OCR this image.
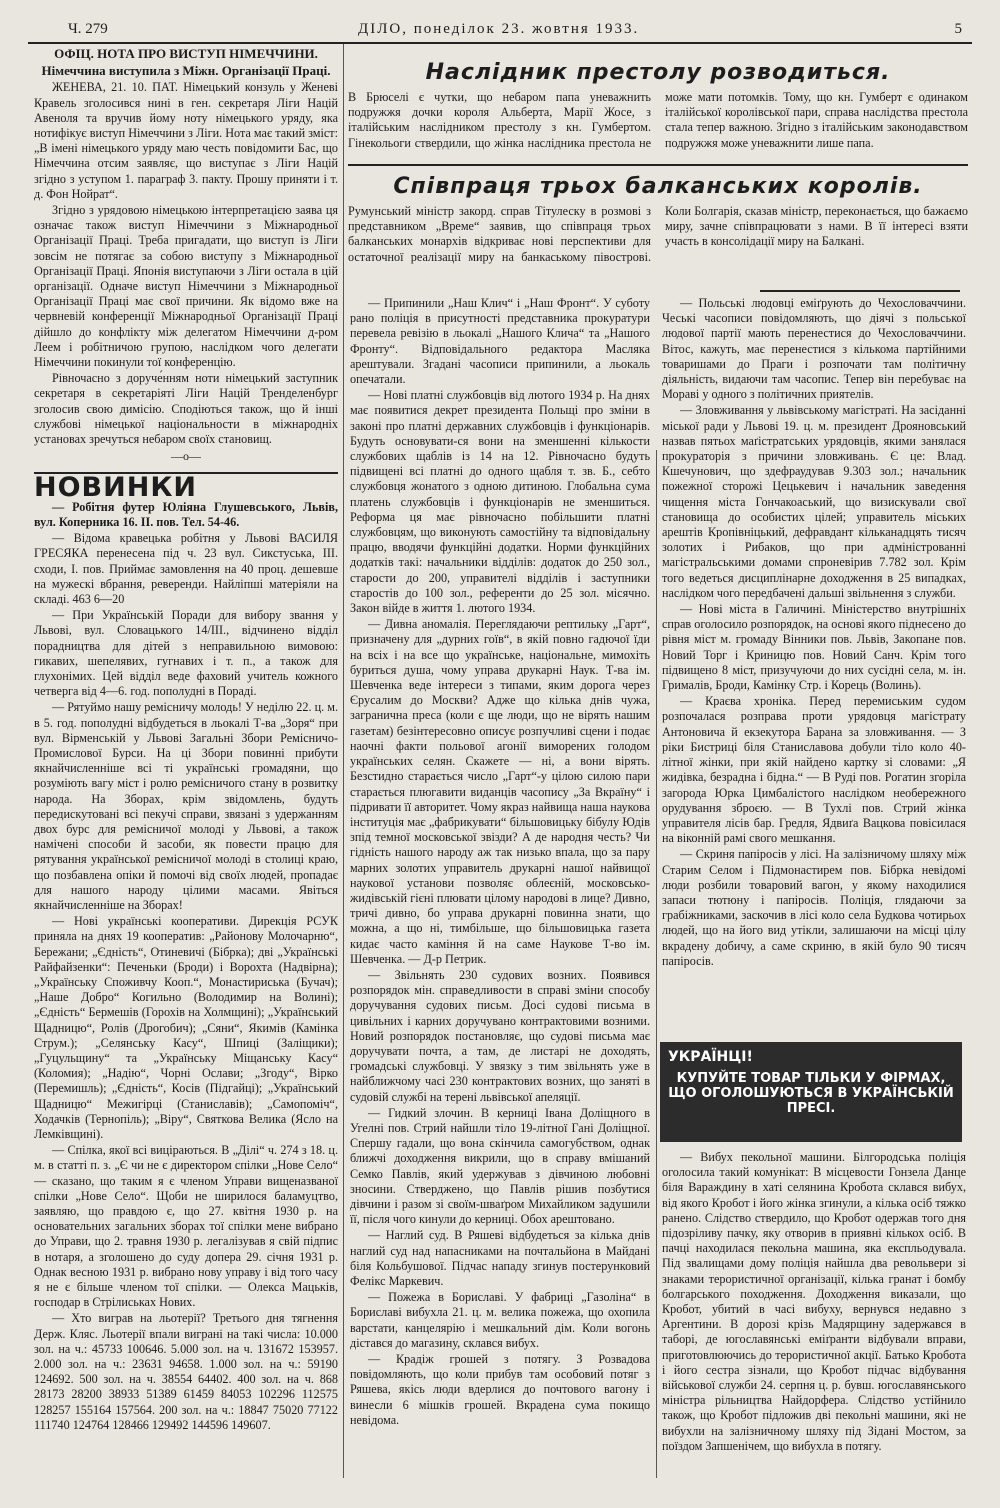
Ч. 279	ДІЛО, понеділок 23. жовтня 1933.	5
ОФІЦ. НОТА ПРО ВИСТУП НІМЕЧЧИНИ.
Німеччина виступила з Міжн. Організації Праці.

ЖЕНЕВА, 21. 10. ПАТ. Німецький конзуль у Женеві Кравель зголосився нині в ген. секретаря Ліги Націй Авеноля та вручив йому ноту німецького уряду, яка нотифікує виступ Німеччини з Ліги. Нота має такий зміст: „В імені німецького уряду маю честь повідомити Бас, що Німеччина отсим заявляє, що виступає з Ліги Націй згідно з уступом 1. параграф 3. пакту. Прошу приняти і т. д. Фон Нойрат“.

Згідно з урядовою німецькою інтерпретацією заява ця означає також виступ Німеччини з Міжнародньої Організації Праці. Треба пригадати, що виступ із Ліги зовсім не потягає за собою виступу з Міжнародньої Організації Праці. Японія виступаючи з Ліги остала в цій організації. Одначе виступ Німеччини з Міжнародньої Організації Праці має свої причини. Як відомо вже на червневій конференції Міжнародньої Організації Праці дійшло до конфлікту між делегатом Німеччини д-ром Леем і робітничою групою, наслідком чого делегати Німеччини покинули тої конференцію.

Рівночасно з доруче́нням ноти німецький заступник секретаря в секретаріяті Ліги Націй Тренделенбург зголосив свою димісію. Сподіються також, що й інші службові німецької національности в міжнародніх установах зречуться небаром своїх становищ.

—o—
НОВИНКИ

— Робітня футер Юліяна Глушевського, Львів, вул. Коперника 16. II. пов. Тел. 54-46.

— Відома кравецька робітня у Львові ВАСИЛЯ ГРЕСЯКА перенесена під ч. 23 вул. Сикстуська, III. сходи, I. пов. Приймає замовлення на 40 проц. дешевше на мужескі вбрання, реверенди. Найліпші матеріяли на складі. 463 6—20

— При Українській Поради для вибору звання у Львові, вул. Словацького 14/III., відчинено відділ порадництва для дітей з неправильною вимовою: гикавих, шепелявих, гугнавих і т. п., а також для глухонімих. Цей відділ веде фаховий учитель кожного четверга від 4—6. год. пополудні в Пораді.

— Рятуймо нашу ремісничу молодь! У неділю 22. ц. м. в 5. год. пополудні відбудеться в льокалі Т-ва „Зоря“ при вул. Вірменській у Львові Загальні Збори Ремісничо-Промислової Бурси. На ці Збори повинні прибути якнайчисленніше всі ті українські громадяни, що розуміють вагу міст і ролю ремісничого стану в розвитку народа. На Зборах, крім звідомлень, будуть передискутовані всі пекучі справи, звязані з удержанням двох бурс для ремісничої молоді у Львові, а також намічені способи й засоби, як повести працю для рятування української ремісничої молоді в столиці краю, що позбавлена опіки й помочі від своїх людей, пропадає для нашого народу цілими масами. Явіться якнайчисленніше на Зборах!

— Нові українські кооперативи. Дирекція РСУК приняла на днях 19 кооператив: „Районову Молочарню“, Бережани; „Єдність“, Отиневичі (Бібрка); дві „Українські Райфайзенки“: Печеньки (Броди) і Ворохта (Надвірна); „Українську Споживчу Кооп.“, Монастириська (Бучач); „Наше Добро“ Когильно (Володимир на Волині); „Єдність“ Бермешів (Горохів на Холмщині); „Український Щадницю“, Ролів (Дрогобич); „Сяни“, Якимів (Камінка Струм.); „Селянську Касу“, Шпиці (Заліщики); „Гуцульщину“ та „Українську Міщанську Касу“ (Коломия); „Надію“, Чорні Ослави; „Згоду“, Вірко (Перемишль); „Єдність“, Косів (Підгайці); „Український Щадницю“ Межигірці (Станиславів); „Самопоміч“, Ходачків (Тернопіль); „Віру“, Святкова Велика (Ясло на Лемківщині).

— Спілка, якої всі виціраються. В „Ділі“ ч. 274 з 18. ц. м. в статті п. з. „Є чи не є директором спілки „Нове Село“ — сказано, що таким я є членом Управи вищеназваної спілки „Нове Село“. Щоби не ширилося баламуцтво, заявляю, що правдою є, що 27. квітня 1930 р. на основательних загальних зборах тої спілки мене вибрано до Управи, що 2. травня 1930 р. легалізував я свій підпис в нотаря, а зголошено до суду допера 29. січня 1931 р. Однак весною 1931 р. вибрано нову управу і від того часу я не є більше членом тої спілки. — Олекса Мацьків, господар в Стрілиськах Нових.

— Хто виграв на льотерії? Третього дня тягнення Держ. Кляс. Льотерії впали виграні на такі числа: 10.000 зол. на ч.: 45733 100646. 5.000 зол. на ч. 131672 153957. 2.000 зол. на ч.: 23631 94658. 1.000 зол. на ч.: 59190 124692. 500 зол. на ч. 38554 64402. 400 зол. на ч. 868 28173 28200 38933 51389 61459 84053 102296 112575 128257 155164 157564. 200 зол. на ч.: 18847 75020 77122 111740 124764 128466 129492 144596 149607.

Наслідник престолу розводиться.
В Брюселі є чутки, що небаром папа уневажнить подружжя дочки короля Альберта, Марії Жосе, з італійським наслідником престолу з кн. Гумбертом. Гінекольоги ствердили, що жінка наслідника престола не може мати потомків. Тому, що кн. Гумберт є одинаком італійської королівської пари, справа наслідства престола стала тепер важною. Згідно з італійським законодавством подружжя може уневажнити лише папа.
Співпраця трьох балканських королів.
Румунський міністр закорд. справ Тітулеску в розмові з представником „Време“ заявив, що співпраця трьох балканських монархів відкриває нові перспективи для остаточної реалізації миру на банкаському півострові. Коли Болгарія, сказав міністр, переконається, що бажаємо миру, зачне співпрацювати з нами. В її інтересі взяти участь в консолідації миру на Балкані.

— Припинили „Наш Клич“ і „Наш Фронт“. У суботу рано поліція в присутності представника прокуратури перевела ревізію в льокалі „Нашого Клича“ та „Нашого Фронту“. Відповідального редактора Масляка арештували. Згадані часописи припинили, а льокаль опечатали.

— Нові платні службовців від лютого 1934 р. На днях має появитися декрет президента Польщі про зміни в законі про платні державних службовців і функціонарів. Будуть основувати-ся вони на зменшенні кількости службових щаблів із 14 на 12. Рівночасно будуть підвищені всі платні до одного щабля т. зв. Б., себто службовця жонатого з одною дитиною. Глобальна сума платень службовців і функціонарів не зменшиться. Реформа ця має рівночасно побільшити платні службовцям, що виконують самостійну та відповідальну працю, вводячи функційні додатки. Норми функційних додатків такі: начальники відділів: додаток до 250 зол., старости до 200, управителі відділів і заступники старостів до 100 зол., референти до 25 зол. місячно. Закон війде в життя 1. лютого 1934.

— Дивна аномалія. Переглядаючи рептильку „Гарт“, призначену для „дурних гоїв“, в якій повно гадючої їди на всіх і на все що українське, національне, мимохіть буриться душа, чому управа друкарні Наук. Т-ва ім. Шевченка веде інтереси з типами, яким дорога через Єрусалим до Москви? Адже що кілька днів чужа, загранична преса (коли є ще люди, що не вірять нашим газетам) безінтересовно описує розпучливі сцени і подає наочні факти польової агонії виморених голодом українських селян. Скажете — ні, а вони вірять. Безстидно старається число „Гарт“-у цілою силою пари старається плюгавити виданців часопису „За Вкраїну“ і підривати її авторитет. Чому якраз найвища наша наукова інституція має „фабрикувати“ більшовицьку бібулу Юдів зпід темної московської звізди? А де народня честь? Чи гідність нашого народу аж так низько впала, що за пару марних золотих управитель друкарні нашої найвищої наукової установи позволяє облеєній, московсько-жидівській гієні плювати цілому народові в лице? Дивно, тричі дивно, бо управа друкарні повинна знати, що можна, а що ні, тимбільше, що більшовицька газета кидає часто каміння й на саме Наукове Т-во ім. Шевченка. — Д-р Петрик.

— Звільнять 230 судових возних. Появився розпорядок мін. справедливости в справі зміни способу доручування судових письм. Досі судові письма в цивільних і карних доручувано контрактовими возними. Новий розпорядок постановляє, що судові письма має доручувати почта, а там, де листарі не доходять, громадські службовці. У звязку з тим звільнять уже в найближчому часі 230 контрактових возних, що заняті в судовій службі на терені львівської апеляції.

— Гидкий злочин. В керниці Івана Доліщного в Угелні пов. Стрий найшли тіло 19-літної Гані Доліщної. Спершу гадали, що вона скінчила самогубством, однак ближчі доходження викрили, що в справу вмішаний Семко Павлів, який удержував з дівчиною любовні зносини. Стверджено, що Павлів рішив позбутися дівчини і разом зі своїм-шваґром Михайликом задушили її, після чого кинули до керниці. Обох арештовано.

— Наглий суд. В Ряшеві відбудеться за кілька днів наглий суд над напасниками на почтальйона в Майдані біля Кольбушової. Підчас нападу згинув постерунковий Фелікс Маркевич.

— Пожежа в Бориславі. У фабриці „Газоліна“ в Бориславі вибухла 21. ц. м. велика пожежа, що охопила варстати, канцелярію і мешкальний дім. Коли вогонь дістався до магазину, склався вибух.

— Крадіж грошей з потягу. З Розвадова повідомляють, що коли прибув там особовий потяг з Ряшева, якісь люди вдерлися до почтового вагону і винесли 6 мішків грошей. Вкрадена сума покищо невідома.

— Польські людовці еміґрують до Чехословаччини. Чеські часописи повідомляють, що діячі з польської людової партії мають перенестися до Чехословаччини. Вітос, кажуть, має перенестися з кількома партійними товаришами до Праги і розпочати там політичну діяльність, видаючи там часопис. Тепер він перебуває на Мораві у одного з політичних приятелів.

— Зловживання у львівському магістраті. На засіданні міської ради у Львові 19. ц. м. президент Дрояновський назвав пятьох маґістратських урядовців, якими занялася прокураторія з причини зловживань. Є це: Влад. Кшечунович, що здефраудував 9.303 зол.; начальник пожежної сторожі Цецькевич і начальник заведення чищення міста Гончакоаський, що визискували свої становища до особистих цілей; управитель міських арештів Кропівніцький, дефравдант кільканадцять тисяч золотих і Рибаков, що при адміністрованні магістральськими домами спроневірив 7.782 зол. Крім того ведеться дисциплінарне доходження в 25 випадках, наслідком чого передбачені дальші звільнення з служби.

— Нові міста в Галичині. Міністерство внутрішніх справ оголосило розпорядок, на основі якого піднесено до рівня міст м. громаду Вінники пов. Львів, Закопане пов. Новий Торг і Криницю пов. Новий Санч. Крім того підвищено 8 міст, призучуючи до них сусідні села, м. ін. Грималів, Броди, Камінку Стр. і Корець (Волинь).

— Краєва хроніка. Перед перемиським судом розпочалася розправа проти урядовця магістрату Антоновича й екзекутора Барана за зловживання. — З ріки Бистриці біля Станиславова добули тіло коло 40-літної жінки, при якій найдено картку зі словами: „Я жидівка, безрадна і бідна.“ — В Руді пов. Рогатин згоріла загорода Юрка Цимбалістого наслідком необережного орудування зброєю. — В Тухлі пов. Стрий жінка управителя лісів бар. Гредля, Ядвиґа Вацкова повісилася на віконній рамі свого мешкання.

— Скриня папіросів у лісі. На залізничому шляху між Старим Селом і Підмонастирем пов. Бібрка невідомі люди розбили товаровий вагон, у якому находилися запаси тютюну і папіросів. Поліція, глядаючи за грабіжниками, заскочив в лісі коло села Будкова чотирьох людей, що на його вид утікли, залишаючи на місці цілу вкрадену добичу, а саме скриню, в якій було 90 тисяч папіросів.

УКРАЇНЦІ!
КУПУЙТЕ ТОВАР ТІЛЬКИ У ФІРМАХ, ЩО ОГОЛОШУЮТЬСЯ В УКРАЇНСЬКІЙ ПРЕСІ.

— Вибух пекольної машини. Білгородська поліція оголосила такий комунікат: В місцевости Гонзела Данце біля Вараждину в хаті селянина Кробота склався вибух, від якого Кробот і його жінка згинули, а кілька осіб тяжко ранено. Слідство ствердило, що Кробот одержав того дня підозріливу пачку, яку отворив в приявні кількох осіб. В пачці находилася пекольна машина, яка експльодувала. Під звалищами дому поліція найшла два револьвери зі знаками терористичної організації, кілька гранат і бомбу болгарського походження. Доходження виказали, що Кробот, убитий в часі вибуху, вернувся недавно з Аргентини. В дорозі крізь Мадярщину задержався в таборі, де югославянські еміґранти відбували вправи, приготовлюючись до терористичної акції. Батько Кробота і його сестра зізнали, що Кробот підчас відбування військової служби 24. серпня ц. р. бувш. югославянського міністра рільництва Найдорфера. Слідство устійнило також, що Кробот підложив дві пекольні машини, які не вибухли на залізничному шляху під Зідані Мостом, за поїздом Запшенічем, що вибухла в потягу.
